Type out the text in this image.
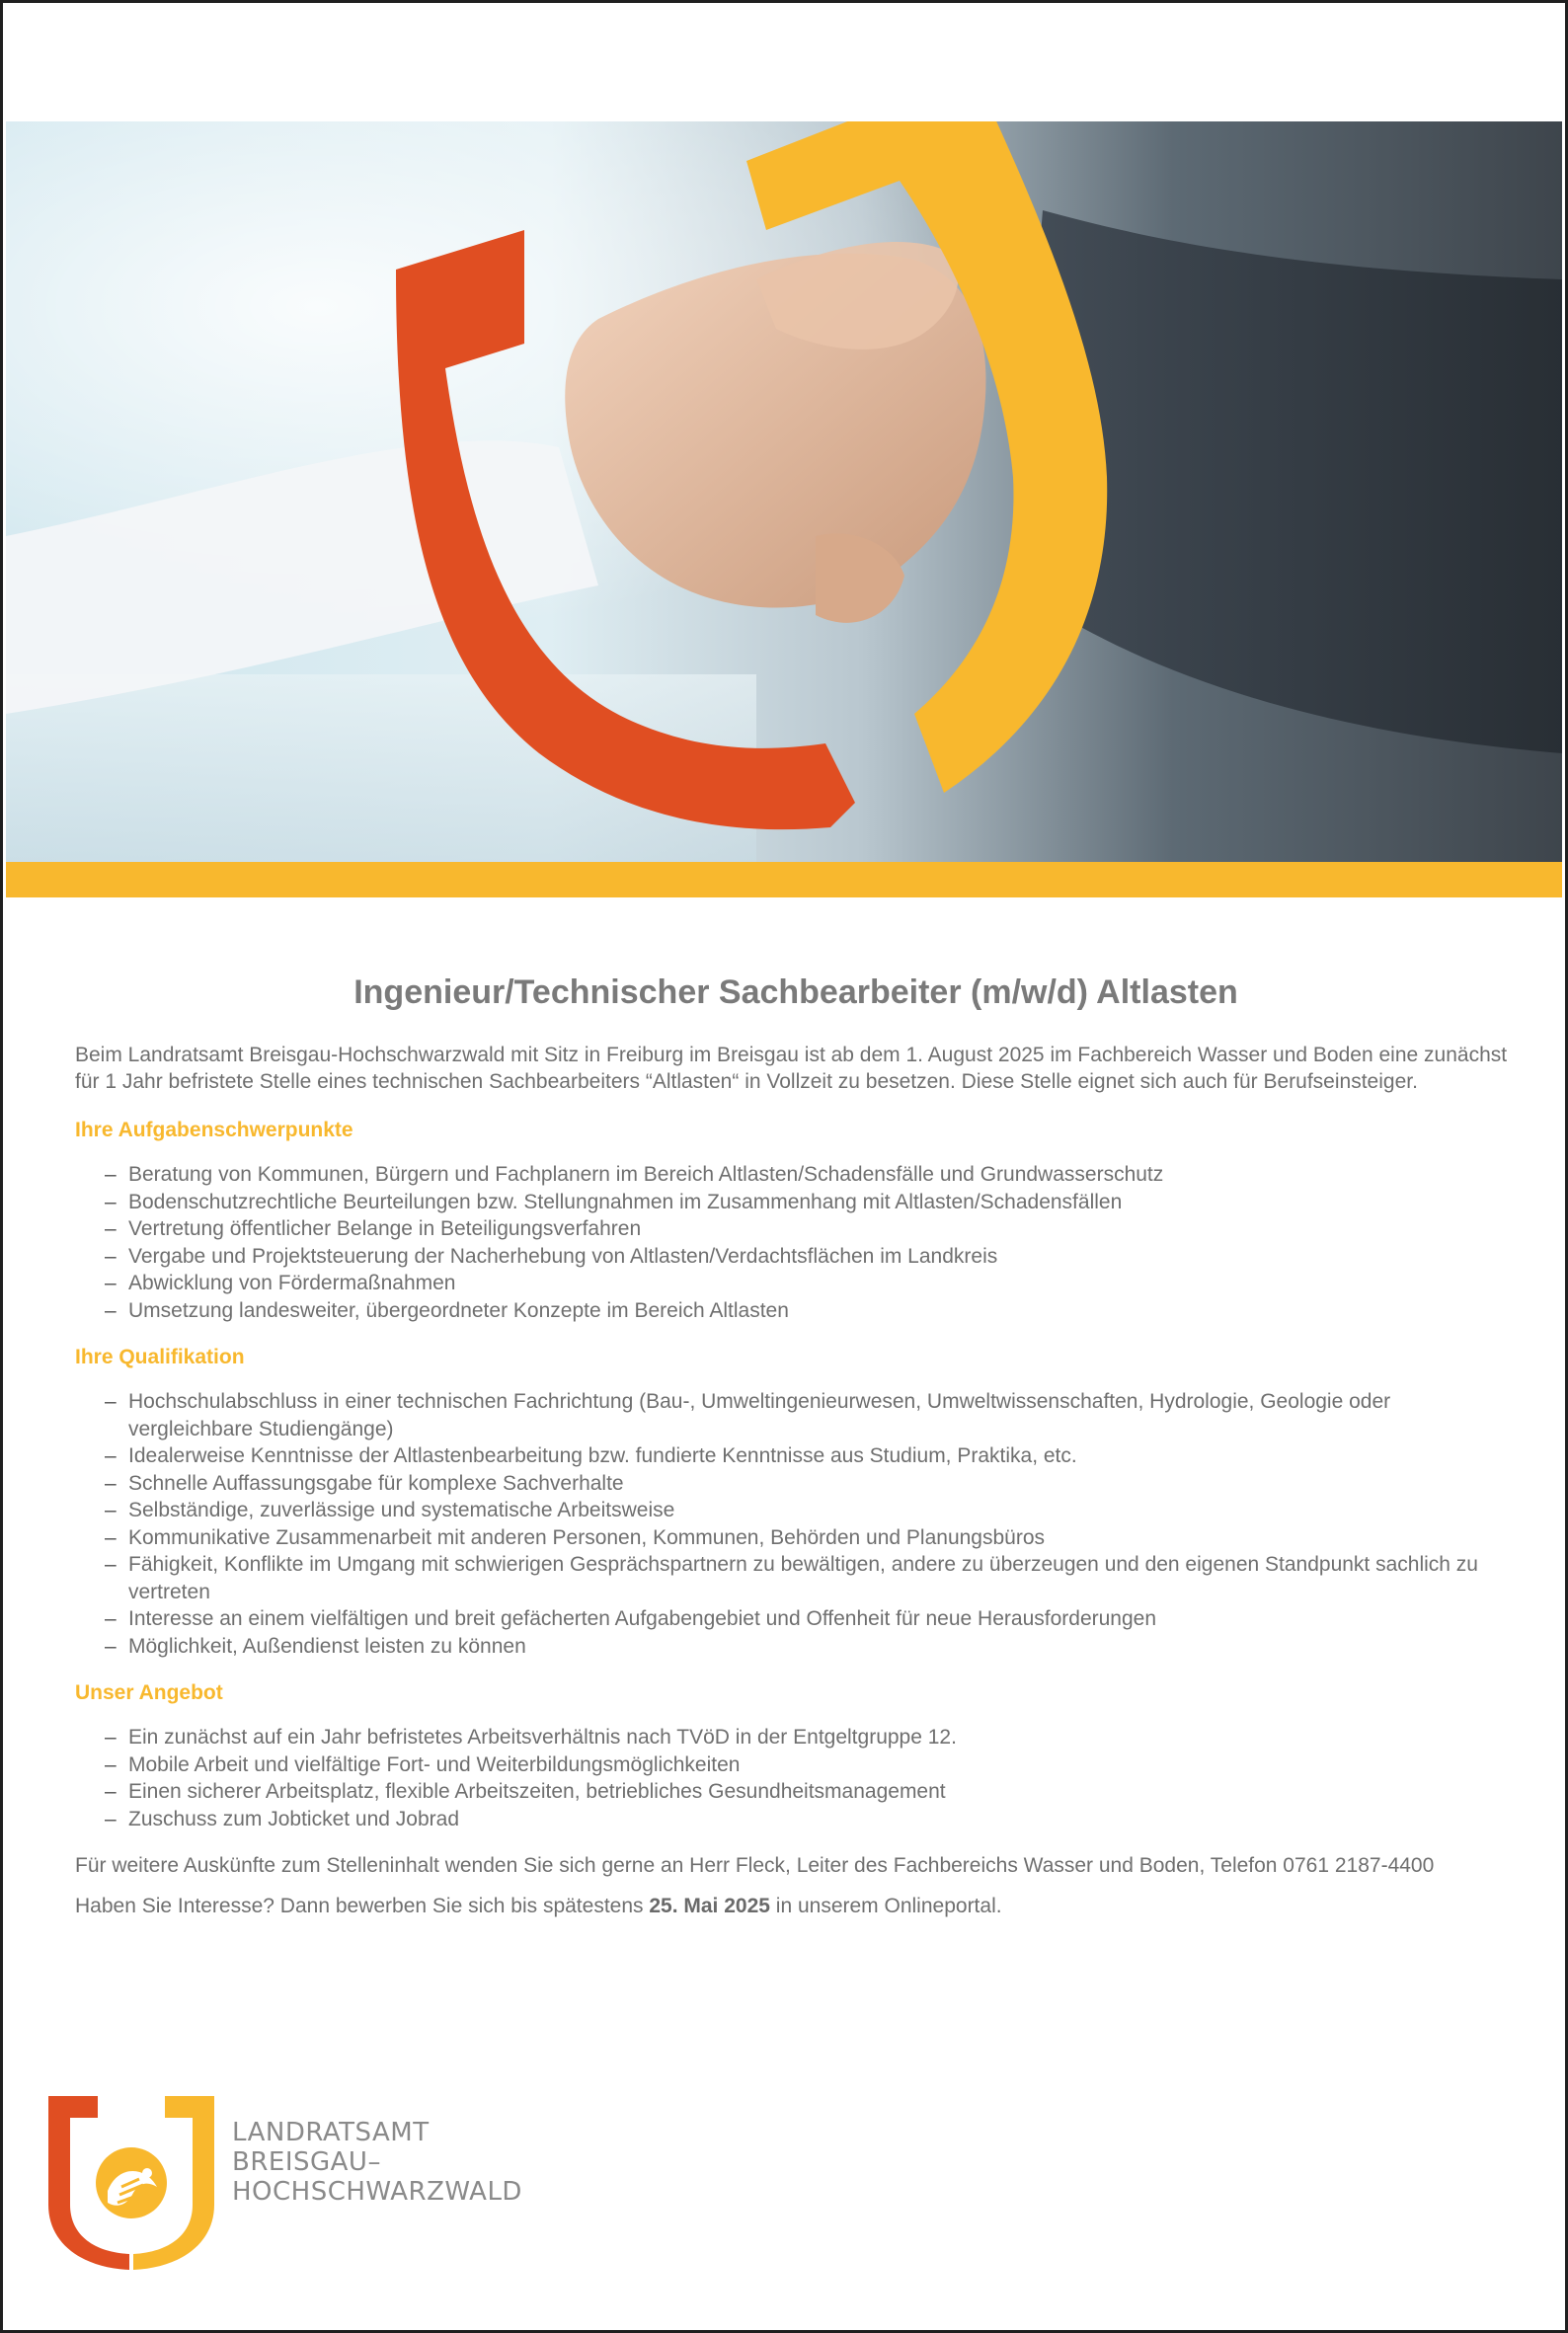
Ingenieur/Technischer Sachbearbeiter (m/w/d) Altlasten

Beim Landratsamt Breisgau-Hochschwarzwald mit Sitz in Freiburg im Breisgau ist ab dem 1. August 2025 im Fachbereich Wasser und Boden eine zunächst für 1 Jahr befristete Stelle eines technischen Sachbearbeiters “Altlasten“ in Vollzeit zu besetzen. Diese Stelle eignet sich auch für Berufseinsteiger.

Ihre Aufgabenschwerpunkte
– Beratung von Kommunen, Bürgern und Fachplanern im Bereich Altlasten/Schadensfälle und Grundwasserschutz
– Bodenschutzrechtliche Beurteilungen bzw. Stellungnahmen im Zusammenhang mit Altlasten/Schadensfällen
– Vertretung öffentlicher Belange in Beteiligungsverfahren
– Vergabe und Projektsteuerung der Nacherhebung von Altlasten/Verdachtsflächen im Landkreis
– Abwicklung von Fördermaßnahmen
– Umsetzung landesweiter, übergeordneter Konzepte im Bereich Altlasten
Ihre Qualifikation
– Hochschulabschluss in einer technischen Fachrichtung (Bau-, Umweltingenieurwesen, Umweltwissenschaften, Hydrologie, Geologie oder vergleichbare Studiengänge)
– Idealerweise Kenntnisse der Altlastenbearbeitung bzw. fundierte Kenntnisse aus Studium, Praktika, etc.
– Schnelle Auffassungsgabe für komplexe Sachverhalte
– Selbständige, zuverlässige und systematische Arbeitsweise
– Kommunikative Zusammenarbeit mit anderen Personen, Kommunen, Behörden und Planungsbüros
– Fähigkeit, Konflikte im Umgang mit schwierigen Gesprächspartnern zu bewältigen, andere zu überzeugen und den eigenen Standpunkt sachlich zu vertreten
– Interesse an einem vielfältigen und breit gefächerten Aufgabengebiet und Offenheit für neue Herausforderungen
– Möglichkeit, Außendienst leisten zu können
Unser Angebot
– Ein zunächst auf ein Jahr befristetes Arbeitsverhältnis nach TVöD in der Entgeltgruppe 12.
– Mobile Arbeit und vielfältige Fort- und Weiterbildungsmöglichkeiten
– Einen sicherer Arbeitsplatz, flexible Arbeitszeiten, betriebliches Gesundheitsmanagement
– Zuschuss zum Jobticket und Jobrad

Für weitere Auskünfte zum Stelleninhalt wenden Sie sich gerne an Herr Fleck, Leiter des Fachbereichs Wasser und Boden, Telefon 0761 2187-4400

Haben Sie Interesse? Dann bewerben Sie sich bis spätestens 25. Mai 2025 in unserem Onlineportal.

LANDRATSAMT
BREISGAU–
HOCHSCHWARZWALD
